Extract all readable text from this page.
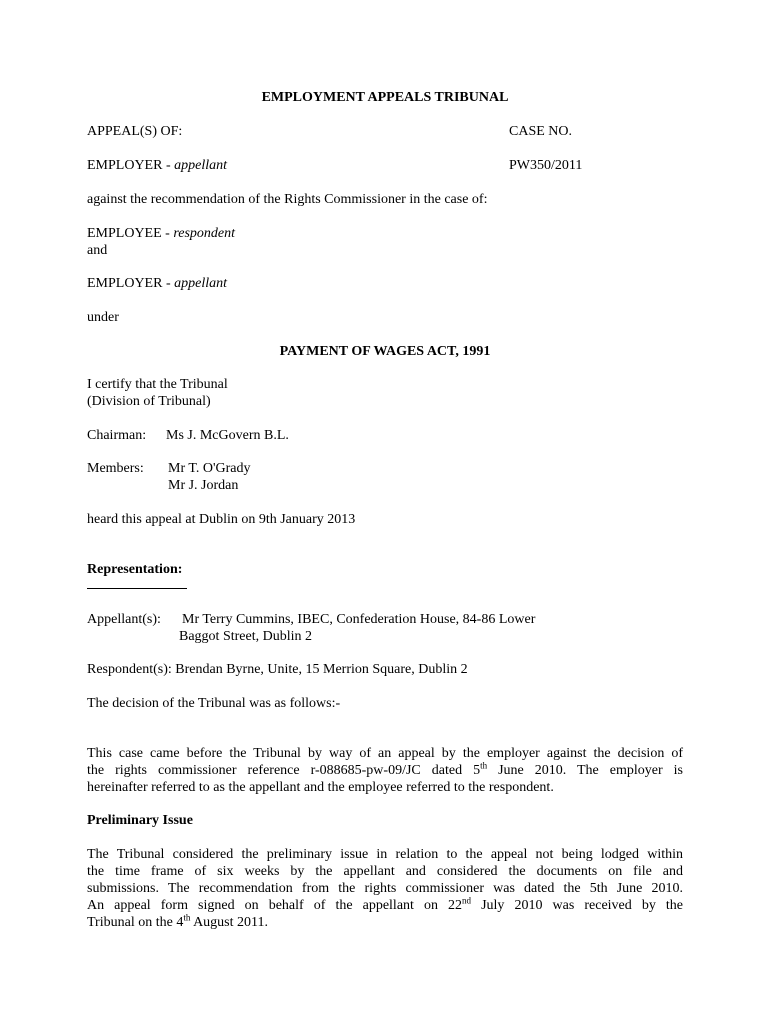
EMPLOYMENT APPEALS TRIBUNAL
APPEAL(S) OF:	CASE NO.
EMPLOYER - appellant	PW350/2011
against the recommendation of the Rights Commissioner in the case of:
EMPLOYEE - respondent
and
EMPLOYER - appellant
under
PAYMENT OF WAGES ACT, 1991
I certify that the Tribunal
(Division of Tribunal)
Chairman: Ms J. McGovern B.L.
Members: Mr T. O'Grady
Mr J. Jordan
heard this appeal at Dublin on 9th January 2013
Representation:
Appellant(s): Mr Terry Cummins, IBEC, Confederation House, 84-86 Lower
Baggot Street, Dublin 2
Respondent(s): Brendan Byrne, Unite, 15 Merrion Square, Dublin 2
The decision of the Tribunal was as follows:-
This case came before the Tribunal by way of an appeal by the employer against the decision of
the rights commissioner reference r-088685-pw-09/JC dated 5th June 2010. The employer is
hereinafter referred to as the appellant and the employee referred to the respondent.
Preliminary Issue
The Tribunal considered the preliminary issue in relation to the appeal not being lodged within
the time frame of six weeks by the appellant and considered the documents on file and
submissions. The recommendation from the rights commissioner was dated the 5th June 2010.
An appeal form signed on behalf of the appellant on 22nd July 2010 was received by the
Tribunal on the 4th August 2011.
